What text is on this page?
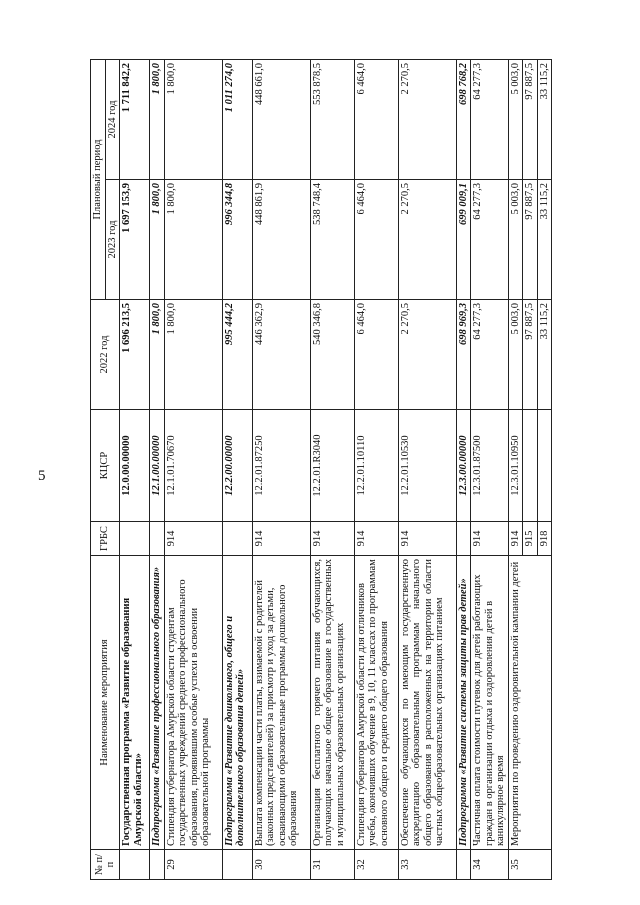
5
№ п/п	Наименование мероприятия	ГРБС	КЦСР	2022 год	Плановый период	
					2023 год	2024 год
	Государственная программа «Развитие образования Амурской области»		12.0.00.00000	1 696 213,5	1 697 153,9	1 711 842,2
	Подпрограмма «Развитие профессионального образования»		12.1.00.00000	1 800,0	1 800,0	1 800,0
29	Стипендия губернатора Амурской области студентам государственных учреждений среднего профессионального образования, проявившим особые успехи в освоении образовательной программы	914	12.1.01.70670	1 800,0	1 800,0	1 800,0
	Подпрограмма «Развитие дошкольного, общего и дополнительного образования детей»		12.2.00.00000	995 444,2	996 344,8	1 011 274,0
30	Выплата компенсации части платы, взимаемой с родителей (законных представителей) за присмотр и уход за детьми, осваивающими образовательные программы дошкольного образования	914	12.2.01.87250	446 362,9	448 861,9	448 661,0
31	Организация бесплатного горячего питания обучающихся, получающих начальное общее образование в государственных и муниципальных образовательных организациях	914	12.2.01.R3040	540 346,8	538 748,4	553 878,5
32	Стипендия губернатора Амурской области для отличников учебы, окончивших обучение в 9, 10, 11 классах по программам основного общего и среднего общего образования	914	12.2.01.10110	6 464,0	6 464,0	6 464,0
33	Обеспечение обучающихся по имеющим государственную аккредитацию образовательным программам начального общего образования в расположенных на территории области частных общеобразовательных организациях питанием	914	12.2.01.10530	2 270,5	2 270,5	2 270,5
	Подпрограмма «Развитие системы защиты прав детей»		12.3.00.00000	698 969,3	699 009,1	698 768,2
34	Частичная оплата стоимости путевок для детей работающих граждан в организации отдыха и оздоровления детей в каникулярное время	914	12.3.01.87500	64 277,3	64 277,3	64 277,3
35	Мероприятия по проведению оздоровительной кампании детей	914	12.3.01.10950	5 003,0	5 003,0	5 003,0
		915		97 887,5	97 887,5	97 887,5
		918		33 115,2	33 115,2	33 115,2
